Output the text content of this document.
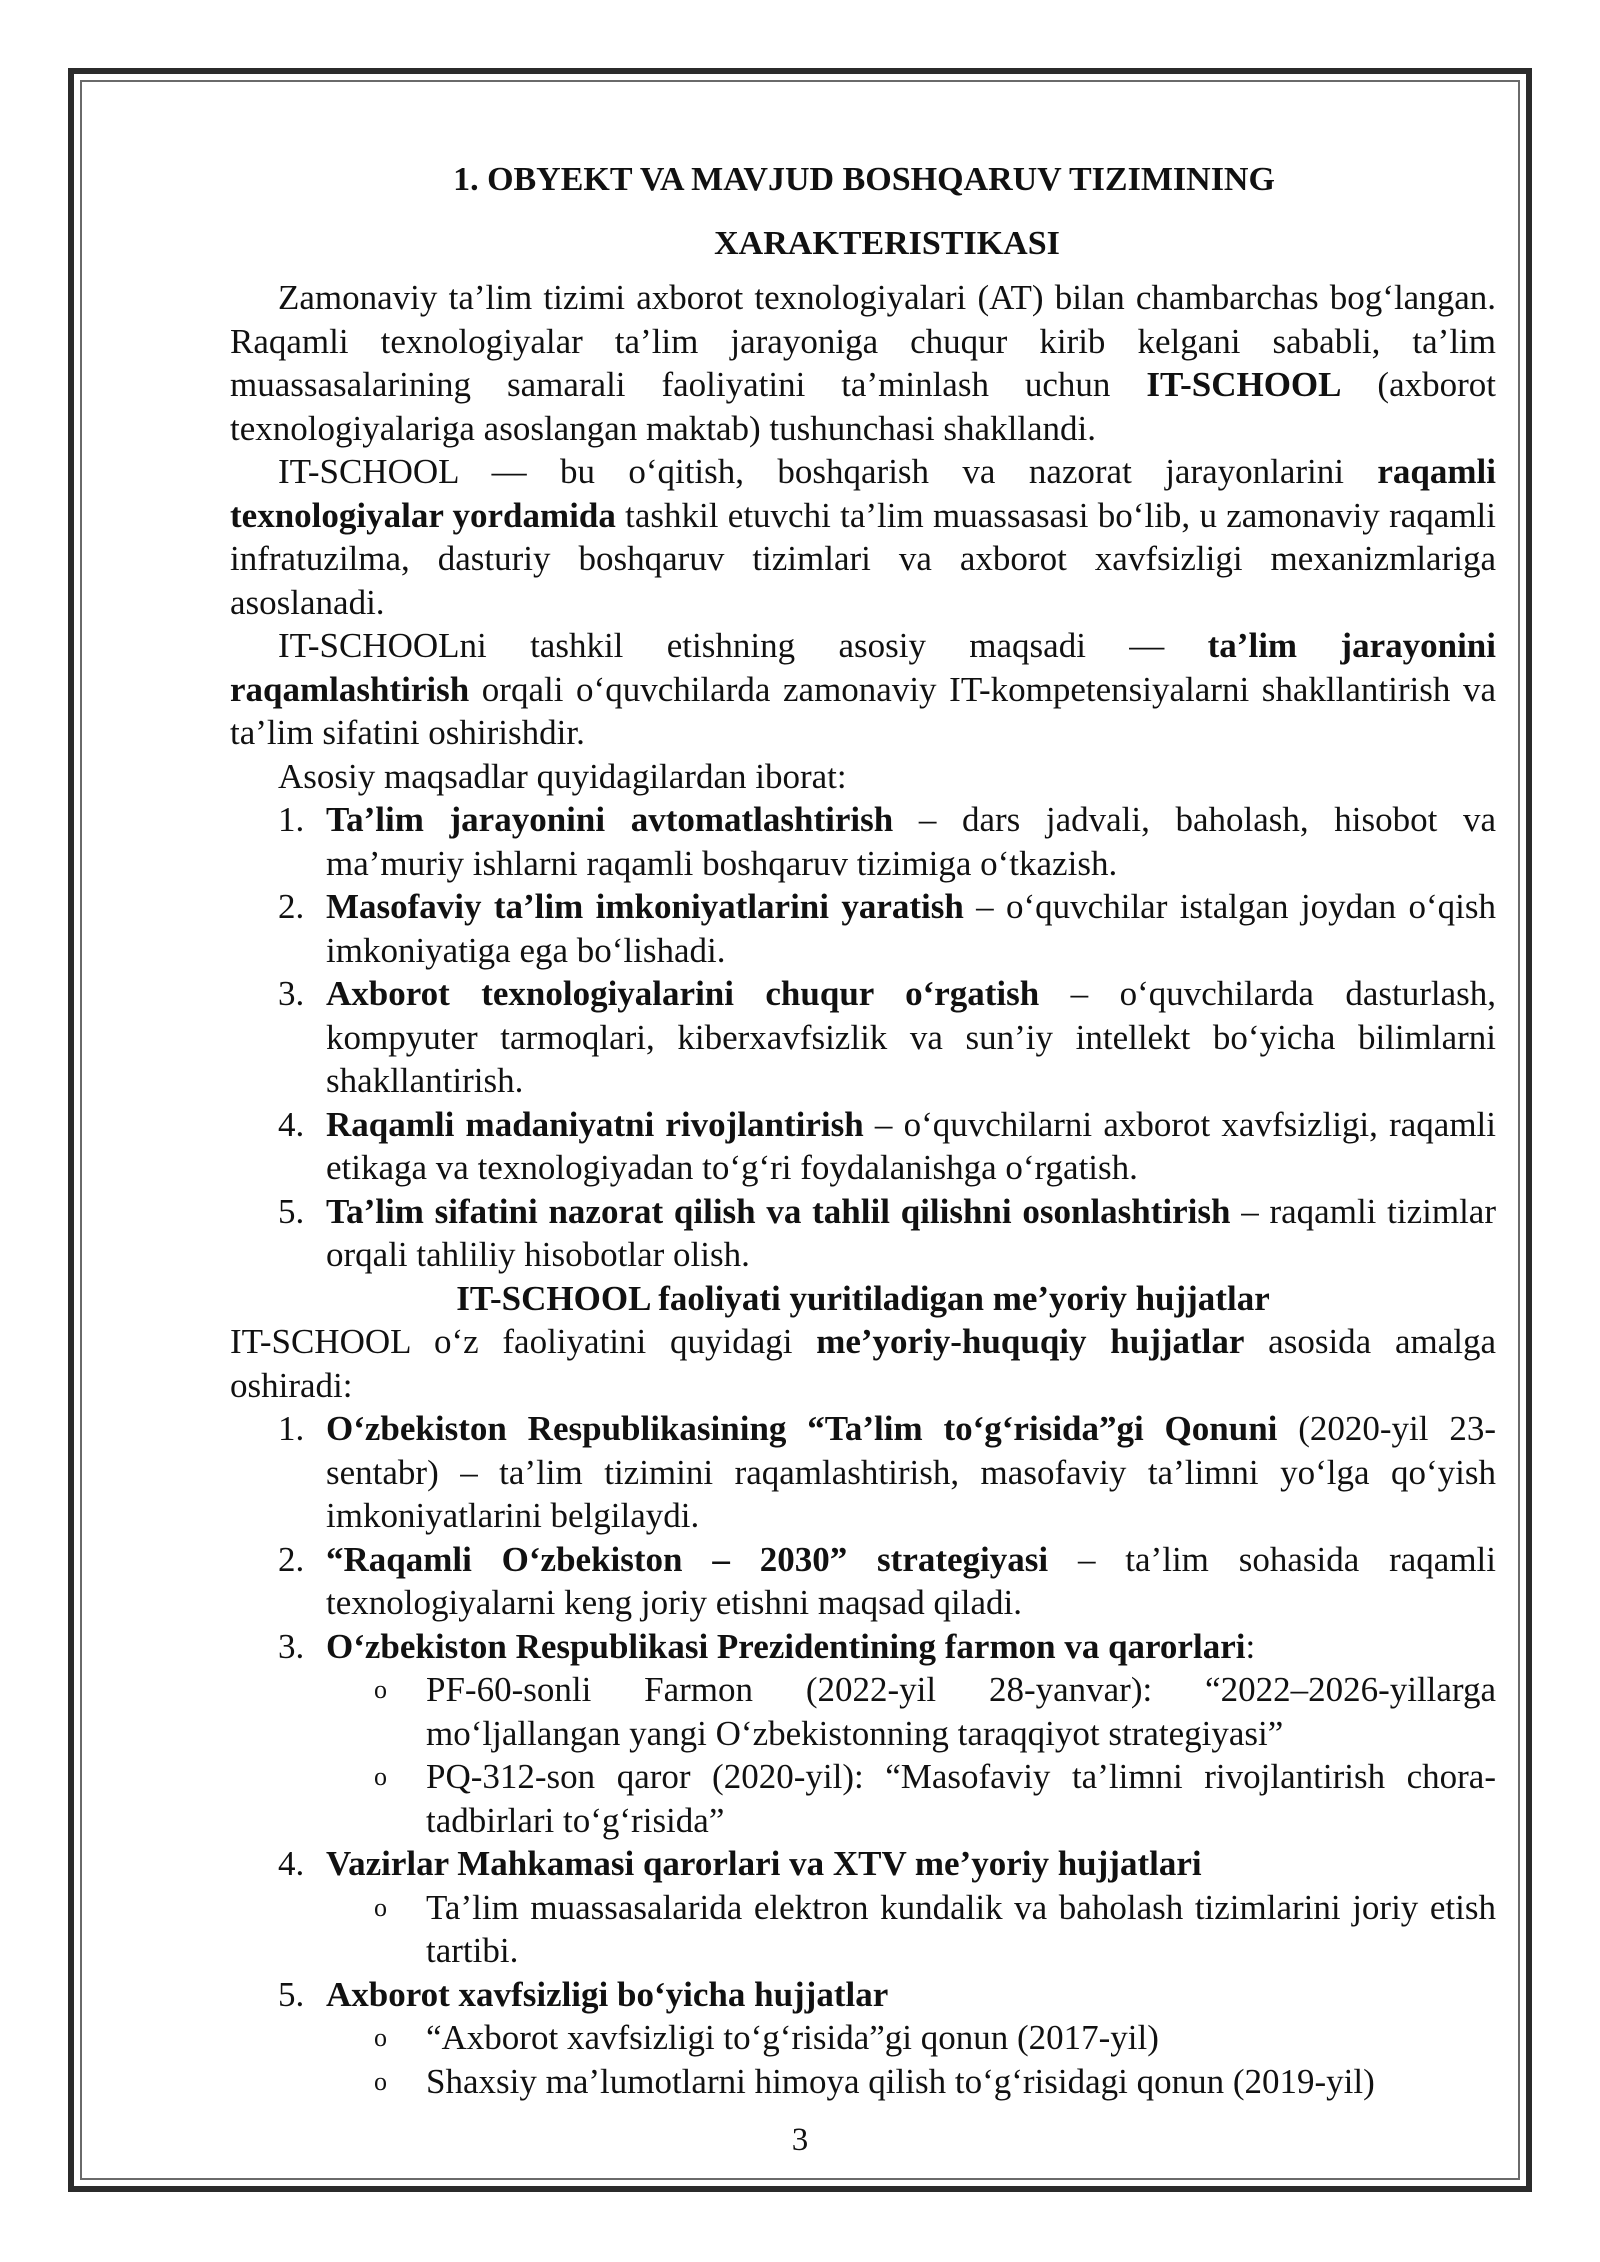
1. OBYEKT VA MAVJUD BOSHQARUV TIZIMINING

XARAKTERISTIKASI

Zamonaviy ta’lim tizimi axborot texnologiyalari (AT) bilan chambarchas bog‘langan. Raqamli texnologiyalar ta’lim jarayoniga chuqur kirib kelgani sababli, ta’lim muassasalarining samarali faoliyatini ta’minlash uchun IT-SCHOOL (axborot texnologiyalariga asoslangan maktab) tushunchasi shakllandi.

IT-SCHOOL — bu o‘qitish, boshqarish va nazorat jarayonlarini raqamli texnologiyalar yordamida tashkil etuvchi ta’lim muassasasi bo‘lib, u zamonaviy raqamli infratuzilma, dasturiy boshqaruv tizimlari va axborot xavfsizligi mexanizmlariga asoslanadi.

IT-SCHOOLni tashkil etishning asosiy maqsadi — ta’lim jarayonini raqamlashtirish orqali o‘quvchilarda zamonaviy IT-kompetensiyalarni shakllantirish va ta’lim sifatini oshirishdir.

Asosiy maqsadlar quyidagilardan iborat:

1. Ta’lim jarayonini avtomatlashtirish – dars jadvali, baholash, hisobot va ma’muriy ishlarni raqamli boshqaruv tizimiga o‘tkazish.
2. Masofaviy ta’lim imkoniyatlarini yaratish – o‘quvchilar istalgan joydan o‘qish imkoniyatiga ega bo‘lishadi.
3. Axborot texnologiyalarini chuqur o‘rgatish – o‘quvchilarda dasturlash, kompyuter tarmoqlari, kiberxavfsizlik va sun’iy intellekt bo‘yicha bilimlarni shakllantirish.
4. Raqamli madaniyatni rivojlantirish – o‘quvchilarni axborot xavfsizligi, raqamli etikaga va texnologiyadan to‘g‘ri foydalanishga o‘rgatish.
5. Ta’lim sifatini nazorat qilish va tahlil qilishni osonlashtirish – raqamli tizimlar orqali tahliliy hisobotlar olish.

IT-SCHOOL faoliyati yuritiladigan me’yoriy hujjatlar

IT-SCHOOL o‘z faoliyatini quyidagi me’yoriy-huquqiy hujjatlar asosida amalga oshiradi:

1. O‘zbekiston Respublikasining “Ta’lim to‘g‘risida”gi Qonuni (2020-yil 23-sentabr) – ta’lim tizimini raqamlashtirish, masofaviy ta’limni yo‘lga qo‘yish imkoniyatlarini belgilaydi.
2. “Raqamli O‘zbekiston – 2030” strategiyasi – ta’lim sohasida raqamli texnologiyalarni keng joriy etishni maqsad qiladi.
3. O‘zbekiston Respublikasi Prezidentining farmon va qarorlari:
o PF-60-sonli Farmon (2022-yil 28-yanvar): “2022–2026-yillarga mo‘ljallangan yangi O‘zbekistonning taraqqiyot strategiyasi”
o PQ-312-son qaror (2020-yil): “Masofaviy ta’limni rivojlantirish chora-tadbirlari to‘g‘risida”
4. Vazirlar Mahkamasi qarorlari va XTV me’yoriy hujjatlari
o Ta’lim muassasalarida elektron kundalik va baholash tizimlarini joriy etish tartibi.
5. Axborot xavfsizligi bo‘yicha hujjatlar
o “Axborot xavfsizligi to‘g‘risida”gi qonun (2017-yil)
o Shaxsiy ma’lumotlarni himoya qilish to‘g‘risidagi qonun (2019-yil)
3
